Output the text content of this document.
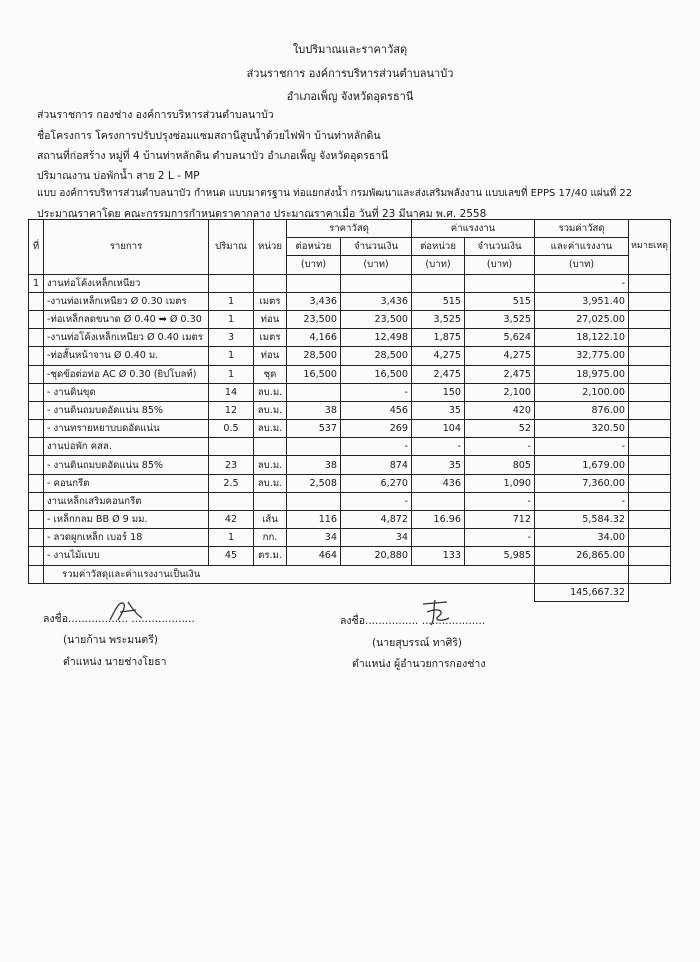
ใบปริมาณและราคาวัสดุ
ส่วนราชการ องค์การบริหารส่วนตำบลนาบัว
อำเภอเพ็ญ จังหวัดอุดรธานี
ส่วนราชการ กองช่าง องค์การบริหารส่วนตำบลนาบัว
ชื่อโครงการ โครงการปรับปรุงซ่อมแซมสถานีสูบน้ำด้วยไฟฟ้า บ้านท่าหลักดิน
สถานที่ก่อสร้าง หมู่ที่ 4 บ้านท่าหลักดิน ตำบลนาบัว อำเภอเพ็ญ จังหวัดอุดรธานี
ปริมาณงาน บ่อพักน้ำ สาย 2 L - MP
แบบ องค์การบริหารส่วนตำบลนาบัว กำหนด แบบมาตรฐาน ท่อแยกส่งน้ำ กรมพัฒนาและส่งเสริมพลังงาน แบบเลขที่ EPPS 17/40 แผ่นที่ 22
ประมาณราคาโดย คณะกรรมการกำหนดราคากลาง ประมาณราคาเมื่อ วันที่ 23 มีนาคม พ.ศ. 2558
ที่	รายการ	ปริมาณ	หน่วย	ราคาวัสดุ		ค่าแรงงาน		รวมค่าวัสดุ
				ต่อหน่วย	จำนวนเงิน	ต่อหน่วย	จำนวนเงิน	และค่าแรงงาน
				(บาท)	(บาท)	(บาท)	(บาท)	(บาท)
1	งานท่อโค้งเหล็กเหนียว							-
	-งานท่อเหล็กเหนียว Ø 0.30 เมตร	1	เมตร	3,436	3,436	515	515	3,951.40
	-ท่อเหล็กลดขนาด Ø 0.40 ➡ Ø 0.30	1	ท่อน	23,500	23,500	3,525	3,525	27,025.00
	-งานท่อโค้งเหล็กเหนียว Ø 0.40 เมตร	3	เมตร	4,166	12,498	1,875	5,624	18,122.10
	-ท่อสั้นหน้าจาน Ø 0.40 ม.	1	ท่อน	28,500	28,500	4,275	4,275	32,775.00
	-ชุดข้อต่อท่อ AC Ø 0.30 (ยิปโบลท์)	1	ชุด	16,500	16,500	2,475	2,475	18,975.00
	- งานดินขุด	14	ลบ.ม.		-	150	2,100	2,100.00
	- งานดินถมบดอัดแน่น 85%	12	ลบ.ม.	38	456	35	420	876.00
	- งานทรายหยาบบดอัดแน่น	0.5	ลบ.ม.	537	269	104	52	320.50
	งานบ่อพัก คสล.				-	-	-	-
	- งานดินถมบดอัดแน่น 85%	23	ลบ.ม.	38	874	35	805	1,679.00
	- คอนกรีต	2.5	ลบ.ม.	2,508	6,270	436	1,090	7,360.00
	งานเหล็กเสริมคอนกรีต				-		-	-
	- เหล็กกลม BB Ø 9 มม.	42	เส้น	116	4,872	16.96	712	5,584.32
	- ลวดผูกเหล็ก เบอร์ 18	1	กก.	34	34		-	34.00
	- งานไม้แบบ	45	ตร.ม.	464	20,880	133	5,985	26,865.00
	รวมค่าวัสดุและค่าแรงงานเป็นเงิน							
								145,667.32
หมายเหตุ

ลงชื่อ.................. ...................
(นายก้าน พระมนตรี)
ตำแหน่ง นายช่างโยธา
ลงชื่อ................ ...................
(นายสุบรรณ์ ทาศิริ)
ตำแหน่ง ผู้อำนวยการกองช่าง
